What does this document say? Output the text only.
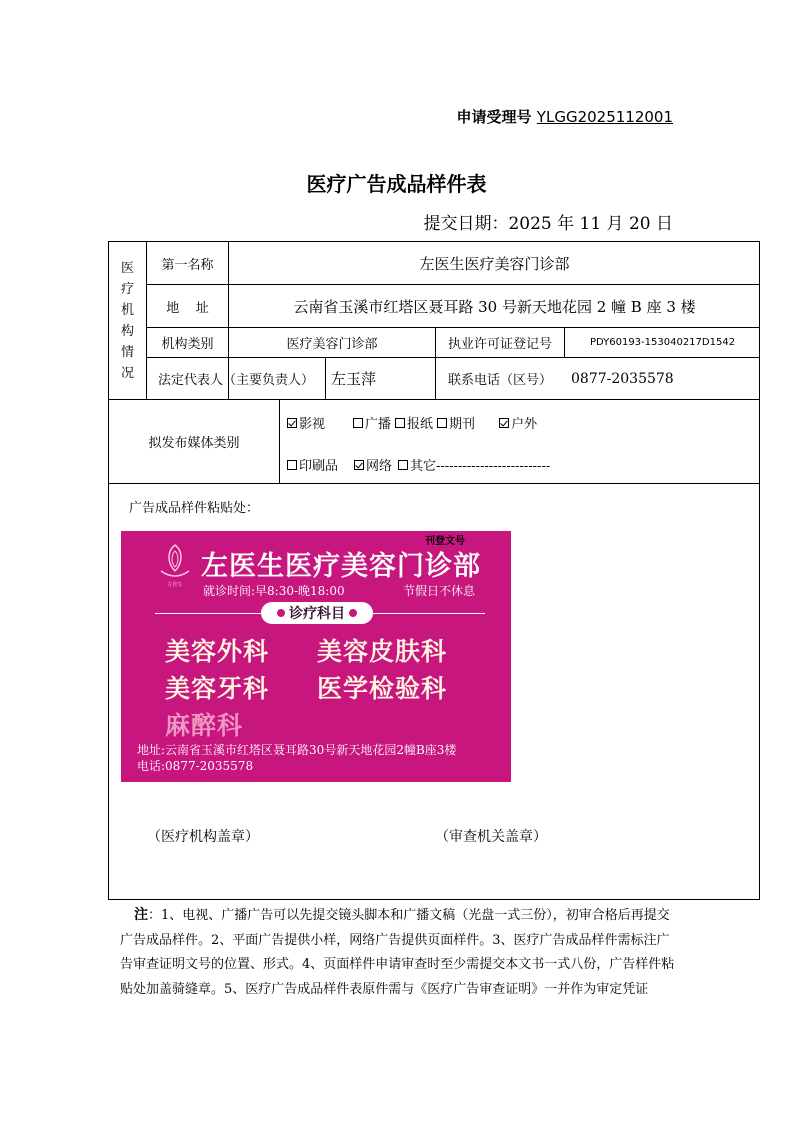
申请受理号 YLGG2025112001
医疗广告成品样件表
提交日期：2025 年 11 月 20 日
医
疗
机
构
情
况
第一名称	左医生医疗美容门诊部
地    址	云南省玉溪市红塔区聂耳路 30 号新天地花园 2 幢 B 座 3 楼
机构类别	医疗美容门诊部	执业许可证登记号	PDY60193-153040217D1542
法定代表人（主要负责人）	左玉萍	联系电话（区号）	0877-2035578
拟发布媒体类别
影视	广播 报纸 期刊	户外
印刷品 网络 其它--------------------------
广告成品样件粘贴处：
刊登文号
左医生
左医生医疗美容门诊部
就诊时间:早8:30-晚18:00	节假日不休息
诊疗科目
美容外科 美容皮肤科
美容牙科 医学检验科
麻醉科
地址:云南省玉溪市红塔区聂耳路30号新天地花园2幢B座3楼
电话:0877-2035578
（医疗机构盖章）	（审查机关盖章）
注：1、电视、广播广告可以先提交镜头脚本和广播文稿（光盘一式三份），初审合格后再提交广告成品样件。2、平面广告提供小样，网络广告提供页面样件。3、医疗广告成品样件需标注广告审查证明文号的位置、形式。4、页面样件申请审查时至少需提交本文书一式八份，广告样件粘贴处加盖骑缝章。5、医疗广告成品样件表原件需与《医疗广告审查证明》一并作为审定凭证
